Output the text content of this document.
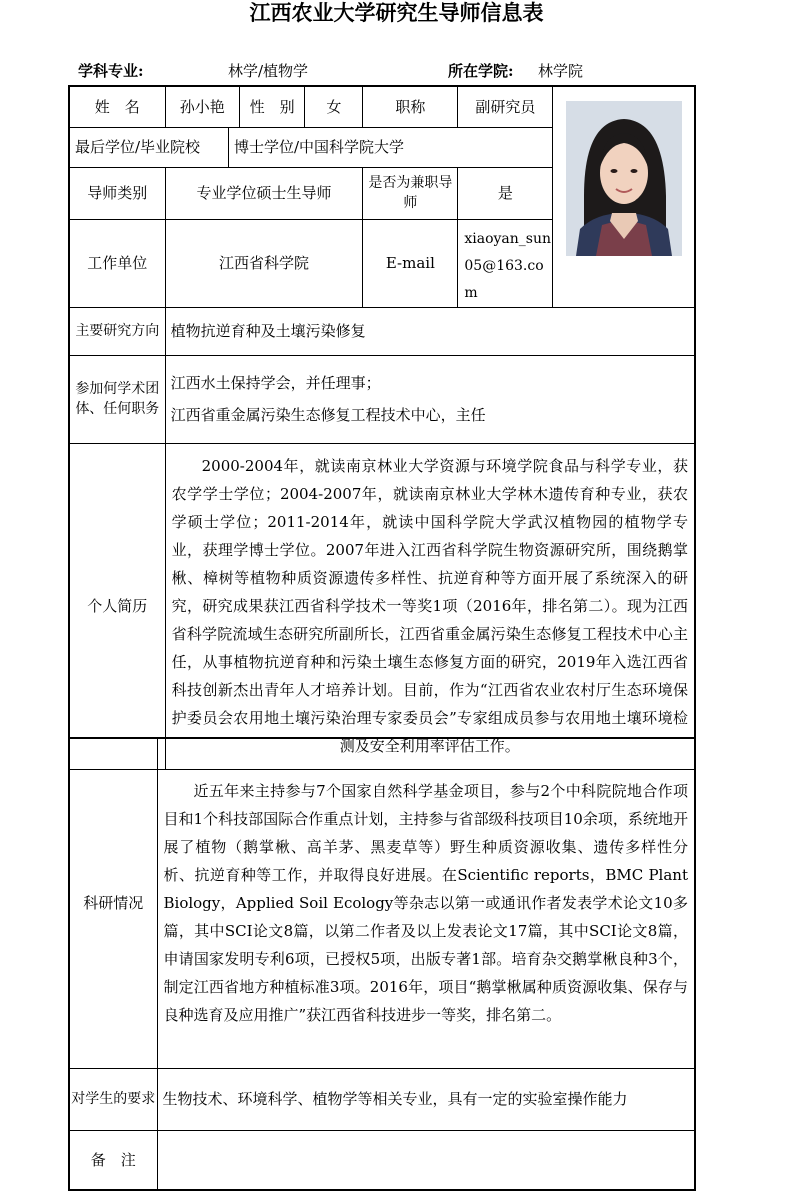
江西农业大学研究生导师信息表
学科专业:	林学/植物学	所在学院: 林学院
姓　名	孙小艳		性　别	女	职称	副研究员	

最后学位/毕业院校		博士学位/中国科学院大学					
导师类别	专业学位硕士生导师				是否为兼职导师	是	
工作单位	江西省科学院				E-mail	xiaoyan_sun05@163.com	
主要研究方向	植物抗逆育种及土壤污染修复						
参加何学术团体、任何职务	江西水土保持学会，并任理事；
江西省重金属污染生态修复工程技术中心，主任						

个人简历	2000-2004年，就读南京林业大学资源与环境学院食品与科学专业，获农学学士学位；2004-2007年，就读南京林业大学林木遗传育种专业，获农学硕士学位；2011-2014年，就读中国科学院大学武汉植物园的植物学专业，获理学博士学位。2007年进入江西省科学院生物资源研究所，围绕鹅掌楸、樟树等植物种质资源遗传多样性、抗逆育种等方面开展了系统深入的研究，研究成果获江西省科学技术一等奖1项（2016年，排名第二）。现为江西省科学院流域生态研究所副所长，江西省重金属污染生态修复工程技术中心主任，从事植物抗逆育种和污染土壤生态修复方面的研究，2019年入选江西省科技创新杰出青年人才培养计划。目前，作为“江西省农业农村厅生态环境保护委员会农用地土壤污染治理专家委员会”专家组成员参与农用地土壤环境检测及安全利用率评估工作。						
科研情况	近五年来主持参与7个国家自然科学基金项目，参与2个中科院院地合作项目和1个科技部国际合作重点计划，主持参与省部级科技项目10余项，系统地开展了植物（鹅掌楸、高羊茅、黑麦草等）野生种质资源收集、遗传多样性分析、抗逆育种等工作，并取得良好进展。在Scientific reports，BMC Plant Biology，Applied Soil Ecology等杂志以第一或通讯作者发表学术论文10多篇，其中SCI论文8篇，以第二作者及以上发表论文17篇，其中SCI论文8篇，申请国家发明专利6项，已授权5项，出版专著1部。培育杂交鹅掌楸良种3个，制定江西省地方种植标准3项。2016年，项目“鹅掌楸属种质资源收集、保存与良种选育及应用推广”获江西省科技进步一等奖，排名第二。
对学生的要求	生物技术、环境科学、植物学等相关专业，具有一定的实验室操作能力
备　注	
